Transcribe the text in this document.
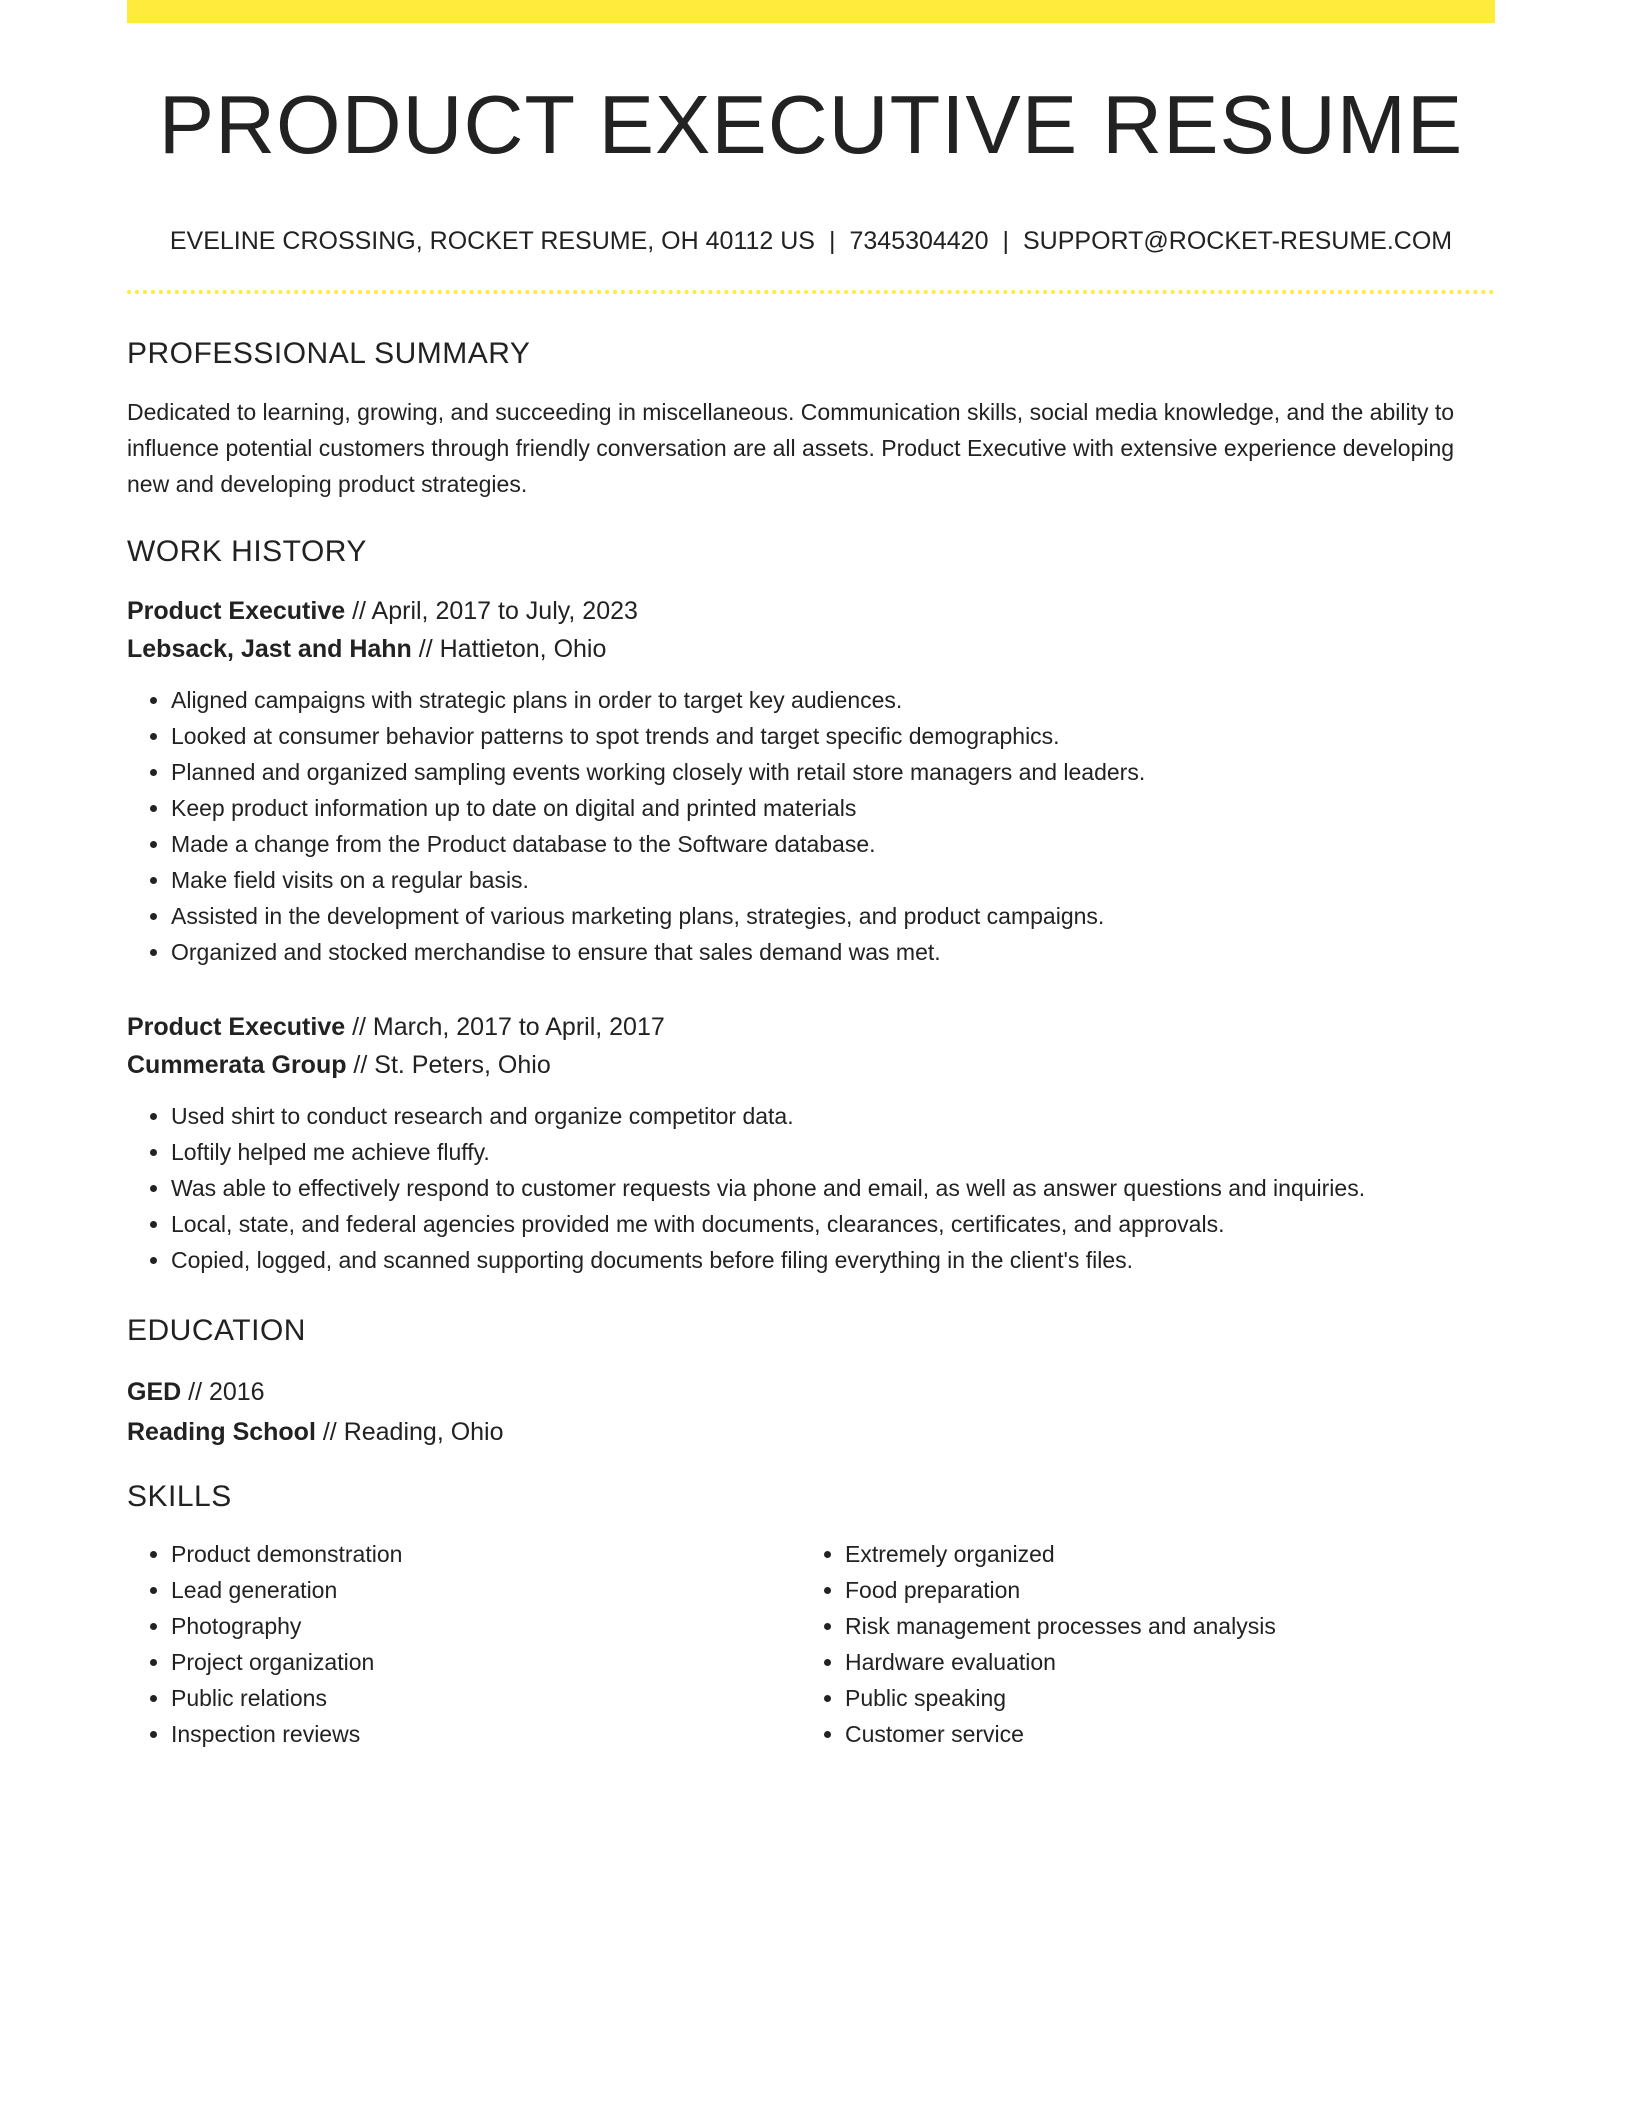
PRODUCT EXECUTIVE RESUME
EVELINE CROSSING, ROCKET RESUME, OH 40112 US | 7345304420 | SUPPORT@ROCKET-RESUME.COM
PROFESSIONAL SUMMARY
Dedicated to learning, growing, and succeeding in miscellaneous. Communication skills, social media knowledge, and the ability to influence potential customers through friendly conversation are all assets. Product Executive with extensive experience developing new and developing product strategies.
WORK HISTORY
Product Executive // April, 2017 to July, 2023
Lebsack, Jast and Hahn // Hattieton, Ohio
• Aligned campaigns with strategic plans in order to target key audiences.
• Looked at consumer behavior patterns to spot trends and target specific demographics.
• Planned and organized sampling events working closely with retail store managers and leaders.
• Keep product information up to date on digital and printed materials
• Made a change from the Product database to the Software database.
• Make field visits on a regular basis.
• Assisted in the development of various marketing plans, strategies, and product campaigns.
• Organized and stocked merchandise to ensure that sales demand was met.
Product Executive // March, 2017 to April, 2017
Cummerata Group // St. Peters, Ohio
• Used shirt to conduct research and organize competitor data.
• Loftily helped me achieve fluffy.
• Was able to effectively respond to customer requests via phone and email, as well as answer questions and inquiries.
• Local, state, and federal agencies provided me with documents, clearances, certificates, and approvals.
• Copied, logged, and scanned supporting documents before filing everything in the client's files.
EDUCATION
GED // 2016
Reading School // Reading, Ohio
SKILLS
• Product demonstration
• Lead generation
• Photography
• Project organization
• Public relations
• Inspection reviews
• Extremely organized
• Food preparation
• Risk management processes and analysis
• Hardware evaluation
• Public speaking
• Customer service
